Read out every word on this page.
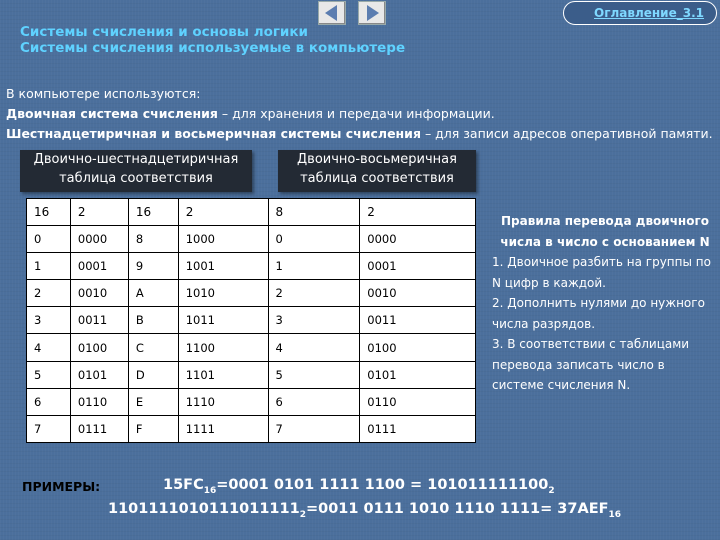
Оглавление_3.1
Системы счисления и основы логики
Системы счисления используемые в компьютере
В компьютере используются:
Двоичная система счисления – для хранения и передачи информации.
Шестнадцетиричная и восьмеричная системы счисления – для записи адресов оперативной памяти.
Двоично-шестнадцетиричная таблица соответствия
Двоично-восьмеричная таблица соответствия
16	2	16	2	8	2
0	0000	8	1000	0	0000
1	0001	9	1001	1	0001
2	0010	A	1010	2	0010
3	0011	B	1011	3	0011
4	0100	C	1100	4	0100
5	0101	D	1101	5	0101
6	0110	E	1110	6	0110
7	0111	F	1111	7	0111
Правила перевода двоичного числа в число с основанием N
1. Двоичное разбить на группы по N цифр в каждой.
2. Дополнить нулями до нужного числа разрядов.
3. В соответствии с таблицами перевода записать число в системе счисления N.
ПРИМЕРЫ:	$15FC_{16}=0001$ 0101 1111 $1100 = 101011111100_2$
$1101111010111011111_2=0011$ 0111 1010 1110 $1111= 37AEF_{16}$
